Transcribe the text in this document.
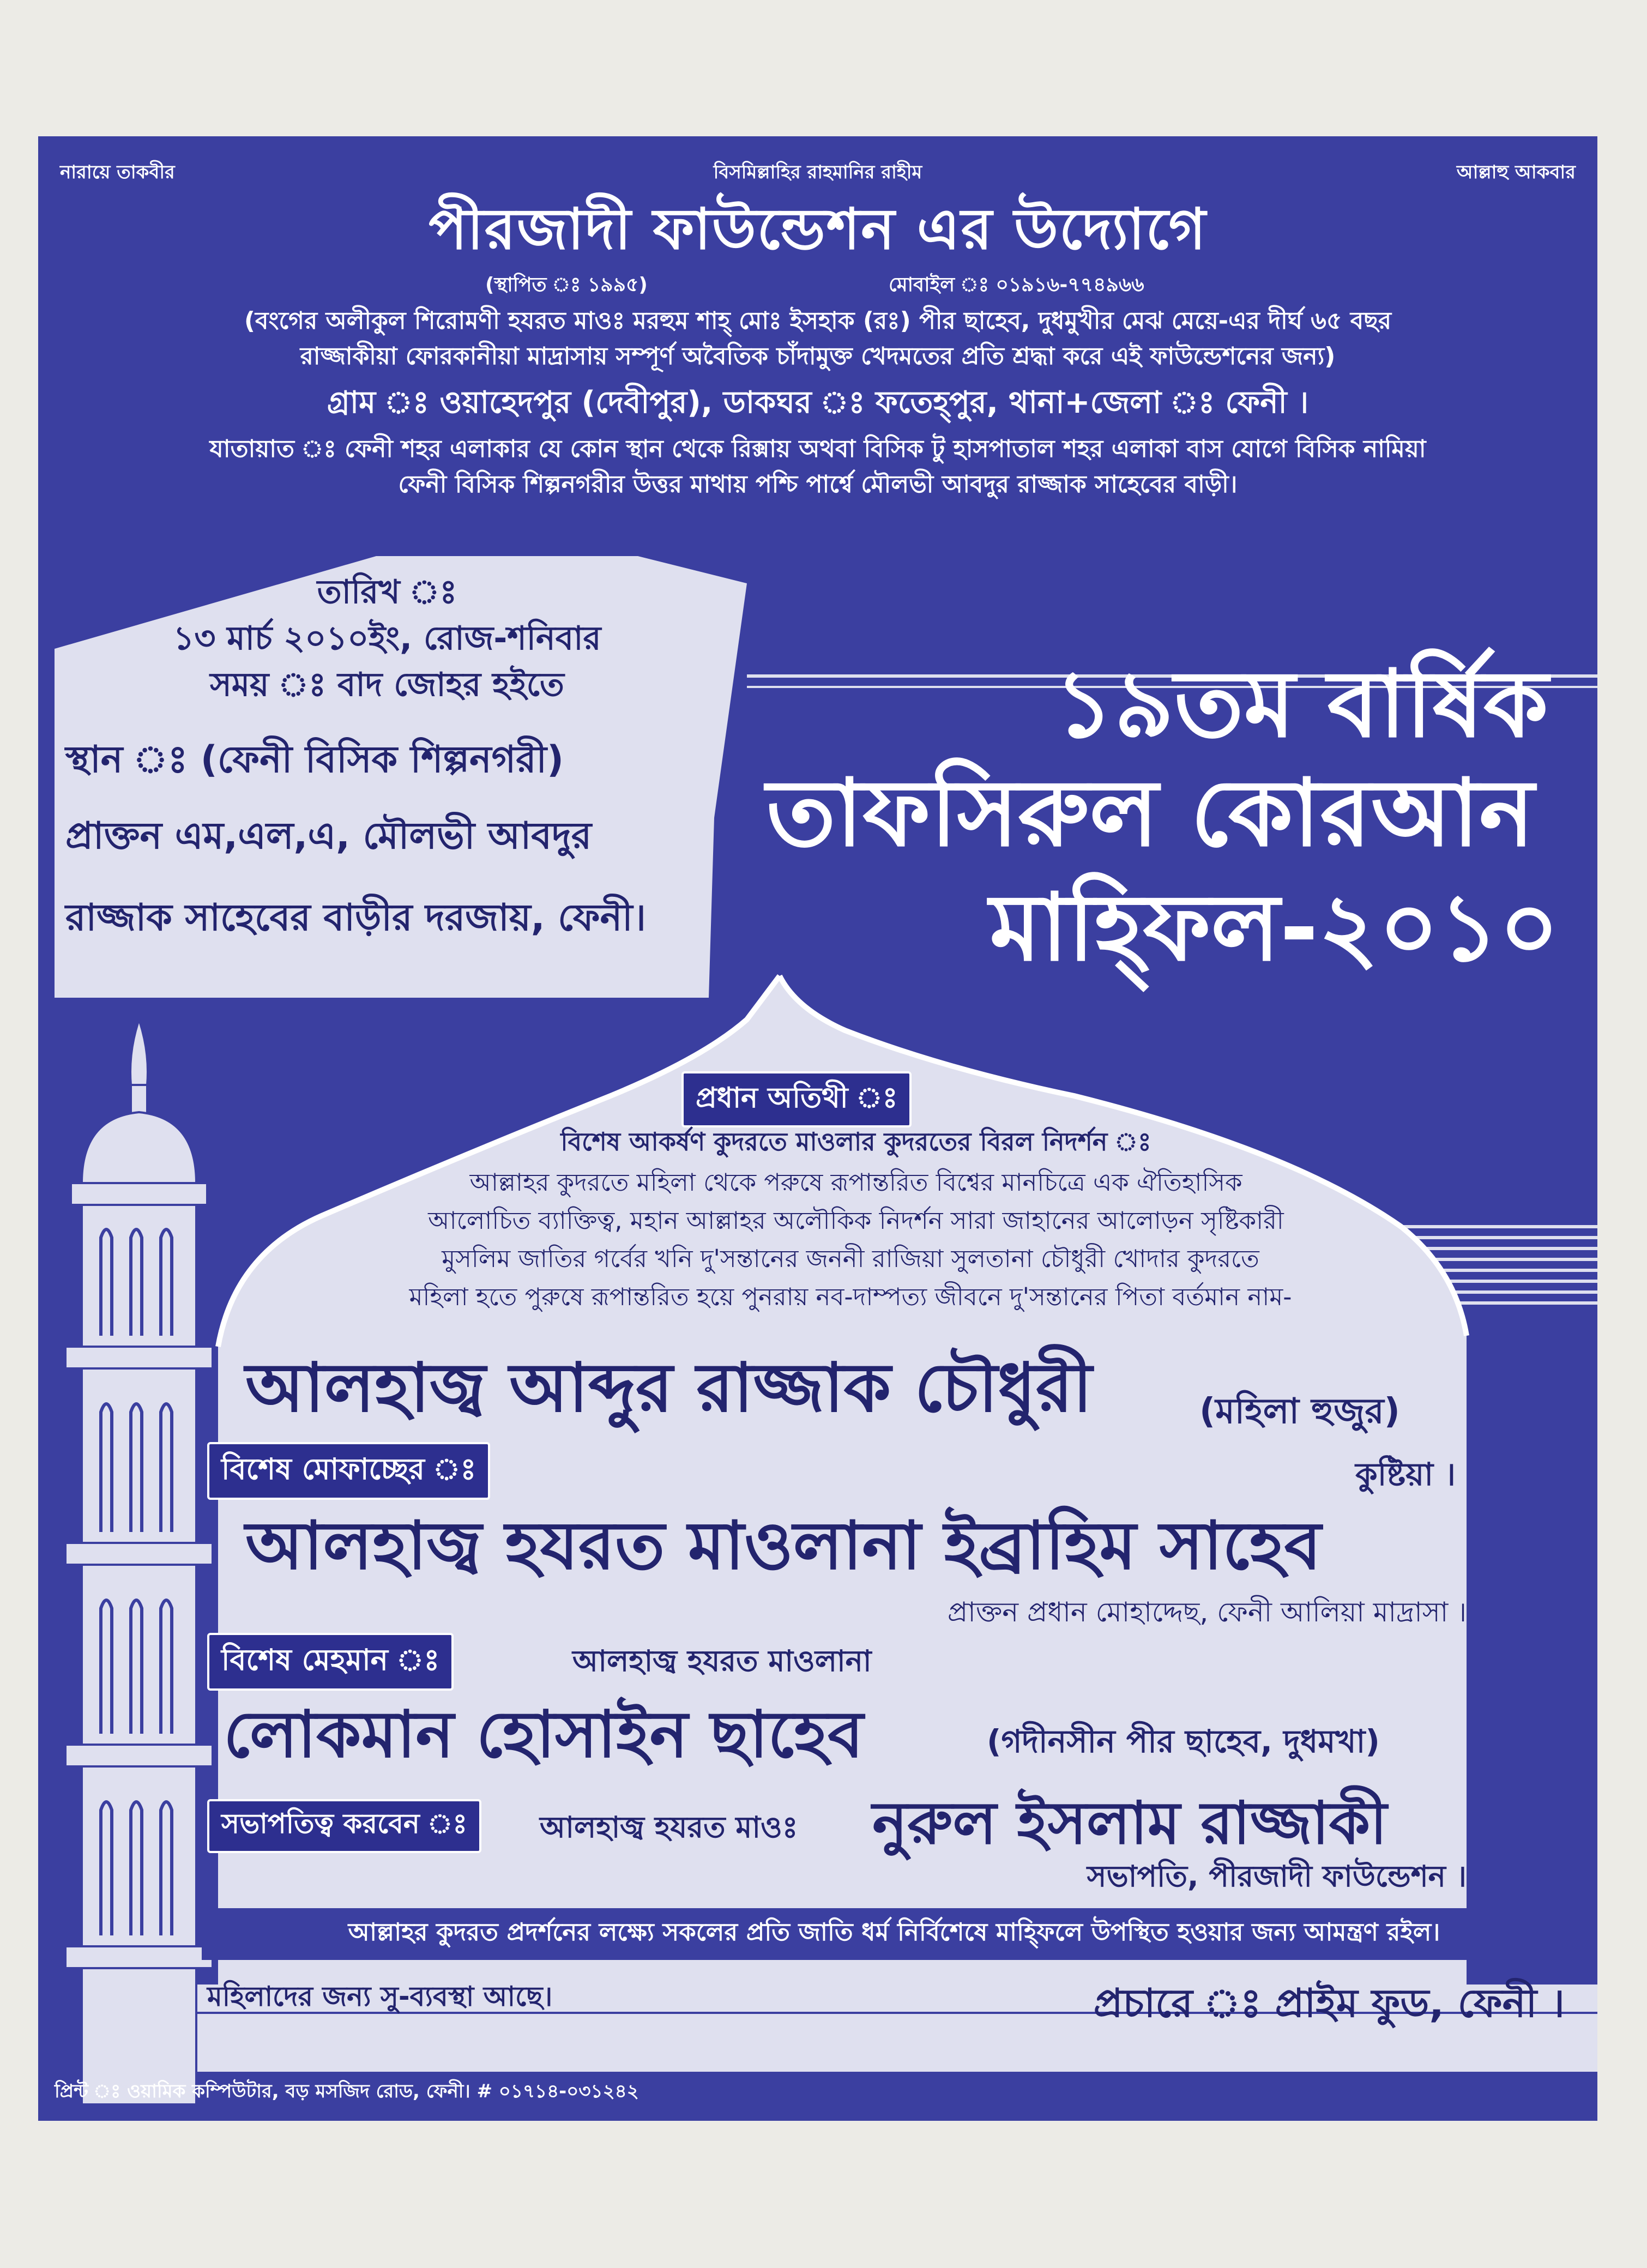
নারায়ে তাকবীর	বিসমিল্লাহির রাহমানির রাহীম	আল্লাহু আকবার
পীরজাদী ফাউন্ডেশন এর উদ্যোগে
(স্থাপিত ঃ ১৯৯৫)	মোবাইল ঃ ০১৯১৬-৭৭৪৯৬৬
(বংগের অলীকুল শিরোমণী হযরত মাওঃ মরহুম শাহ্ মোঃ ইসহাক (রঃ) পীর ছাহেব, দুধমুখীর মেঝ মেয়ে-এর দীর্ঘ ৬৫ বছর
রাজ্জাকীয়া ফোরকানীয়া মাদ্রাসায় সম্পূর্ণ অবৈতিক চাঁদামুক্ত খেদমতের প্রতি শ্রদ্ধা করে এই ফাউন্ডেশনের জন্য)
গ্রাম ঃ ওয়াহেদপুর (দেবীপুর), ডাকঘর ঃ ফতেহ্পুর, থানা+জেলা ঃ ফেনী ।
যাতায়াত ঃ ফেনী শহর এলাকার যে কোন স্থান থেকে রিক্সায় অথবা বিসিক টু হাসপাতাল শহর এলাকা বাস যোগে বিসিক নামিয়া
ফেনী বিসিক শিল্পনগরীর উত্তর মাথায় পশ্চি পার্শ্বে মৌলভী আবদুর রাজ্জাক সাহেবের বাড়ী।
তারিখ ঃ
১৩ মার্চ ২০১০ইং, রোজ-শনিবার
সময় ঃ বাদ জোহর হইতে
স্থান ঃ (ফেনী বিসিক শিল্পনগরী)
প্রাক্তন এম,এল,এ, মৌলভী আবদুর
রাজ্জাক সাহেবের বাড়ীর দরজায়, ফেনী।
১৯তম বার্ষিক
তাফসিরুল কোরআন
মাহ্ফিল-২০১০
প্রধান অতিথী ঃ
বিশেষ আকর্ষণ কুদরতে মাওলার কুদরতের বিরল নিদর্শন ঃ
আল্লাহর কুদরতে মহিলা থেকে পরুষে রূপান্তরিত বিশ্বের মানচিত্রে এক ঐতিহাসিক
আলোচিত ব্যাক্তিত্ব, মহান আল্লাহর অলৌকিক নিদর্শন সারা জাহানের আলোড়ন সৃষ্টিকারী
মুসলিম জাতির গর্বের খনি দু'সন্তানের জননী রাজিয়া সুলতানা চৌধুরী খোদার কুদরতে
মহিলা হতে পুরুষে রূপান্তরিত হয়ে পুনরায় নব-দাম্পত্য জীবনে দু'সন্তানের পিতা বর্তমান নাম-
আলহাজ্ব আব্দুর রাজ্জাক চৌধুরী	(মহিলা হুজুর)
কুষ্টিয়া ।
বিশেষ মোফাচ্ছের ঃ
আলহাজ্ব হযরত মাওলানা ইব্রাহিম সাহেব
প্রাক্তন প্রধান মোহাদ্দেছ, ফেনী আলিয়া মাদ্রাসা ।
বিশেষ মেহমান ঃ	আলহাজ্ব হযরত মাওলানা
লোকমান হোসাইন ছাহেব	(গদীনসীন পীর ছাহেব, দুধমখা)
সভাপতিত্ব করবেন ঃ	আলহাজ্ব হযরত মাওঃ নুরুল ইসলাম রাজ্জাকী
সভাপতি, পীরজাদী ফাউন্ডেশন ।
আল্লাহর কুদরত প্রদর্শনের লক্ষ্যে সকলের প্রতি জাতি ধর্ম নির্বিশেষে মাহ্ফিলে উপস্থিত হওয়ার জন্য আমন্ত্রণ রইল।
মহিলাদের জন্য সু-ব্যবস্থা আছে।	প্রচারে ঃ প্রাইম ফুড, ফেনী ।
প্রিন্ট ঃ ওয়ামিক কম্পিউটার, বড় মসজিদ রোড, ফেনী। # ০১৭১৪-০৩১২৪২
